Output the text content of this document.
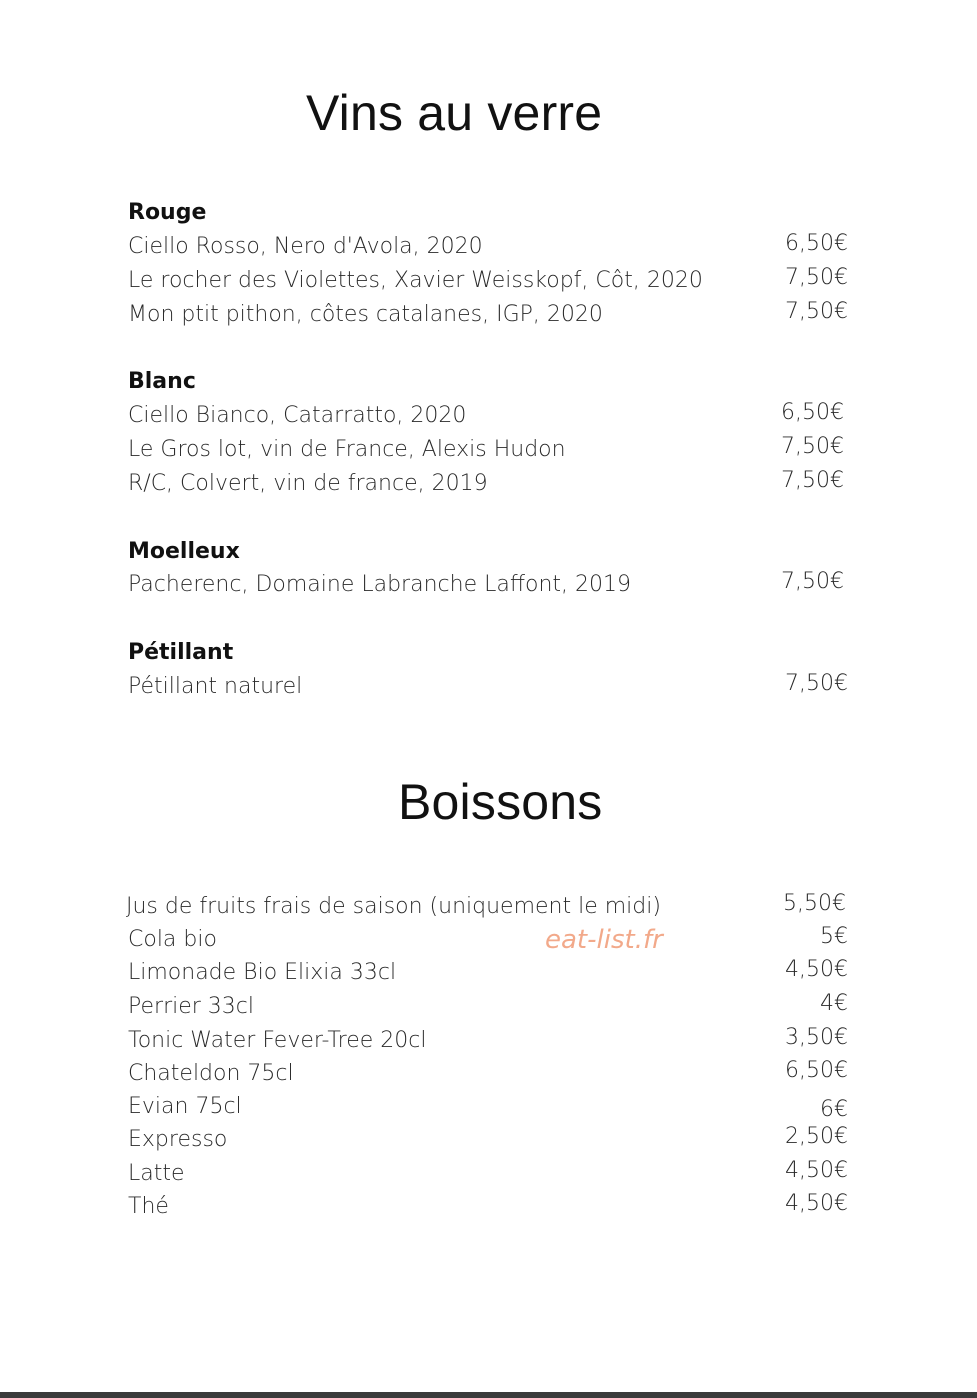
Vins au verre
Rouge
Ciello Rosso, Nero d'Avola, 2020	6,50€
Le rocher des Violettes, Xavier Weisskopf, Côt, 2020	7,50€
Mon ptit pithon, côtes catalanes, IGP, 2020	7,50€
Blanc
Ciello Bianco, Catarratto, 2020	6,50€
Le Gros lot, vin de France, Alexis Hudon	7,50€
R/C, Colvert, vin de france, 2019	7,50€
Moelleux
Pacherenc, Domaine Labranche Laffont, 2019	7,50€
Pétillant
Pétillant naturel	7,50€
Boissons
Jus de fruits frais de saison (uniquement le midi)	5,50€
Cola bio	5€
Limonade Bio Elixia 33cl	4,50€
Perrier 33cl	4€
Tonic Water Fever-Tree 20cl	3,50€
Chateldon 75cl	6,50€
Evian 75cl	6€
Expresso	2,50€
Latte	4,50€
Thé	4,50€
eat-list.fr
